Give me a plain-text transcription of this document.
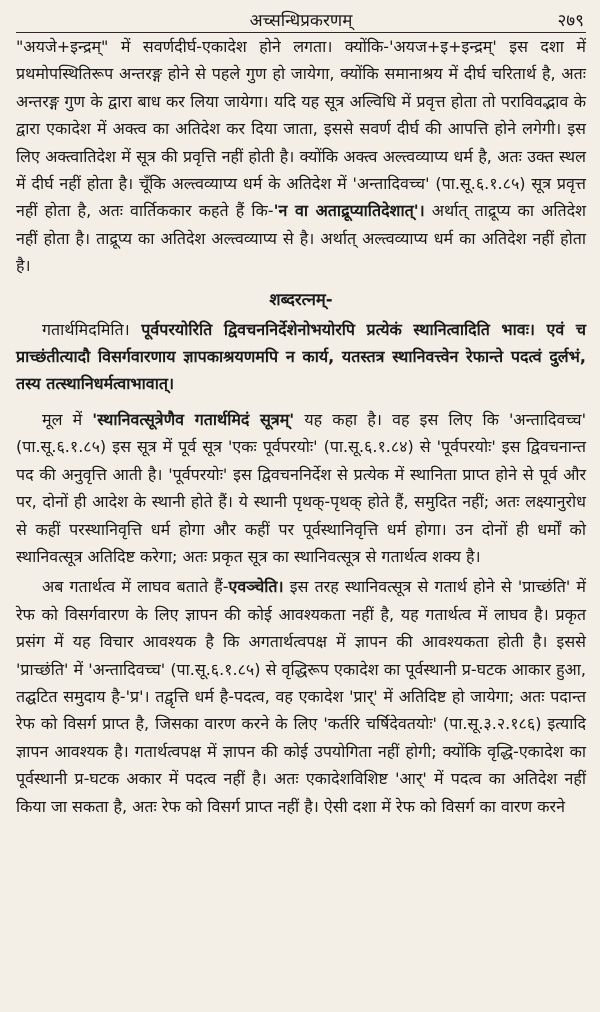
अच्सन्धिप्रकरणम्	२७९

"अयजे+इन्द्रम्" में सवर्णदीर्घ-एकादेश होने लगता। क्योंकि-'अयज+इ+इन्द्रम्' इस दशा में प्रथमोपस्थितिरूप अन्तरङ्ग होने से पहले गुण हो जायेगा, क्योंकि समानाश्रय में दीर्घ चरितार्थ है, अतः अन्तरङ्ग गुण के द्वारा बाध कर लिया जायेगा। यदि यह सूत्र अल्विधि में प्रवृत्त होता तो पराविवद्भाव के द्वारा एकादेश में अक्त्व का अतिदेश कर दिया जाता, इससे सवर्ण दीर्घ की आपत्ति होने लगेगी। इस लिए अक्त्वातिदेश में सूत्र की प्रवृत्ति नहीं होती है। क्योंकि अक्त्व अल्त्वव्याप्य धर्म है, अतः उक्त स्थल में दीर्घ नहीं होता है। चूँकि अल्त्वव्याप्य धर्म के अतिदेश में 'अन्तादिवच्च' (पा.सू.६.१.८५) सूत्र प्रवृत्त नहीं होता है, अतः वार्तिककार कहते हैं कि-'न वा अताद्रूप्यातिदेशात्'। अर्थात् ताद्रूप्य का अतिदेश नहीं होता है। ताद्रूप्य का अतिदेश अल्त्वव्याप्य से है। अर्थात् अल्त्वव्याप्य धर्म का अतिदेश नहीं होता है।

शब्दरत्नम्-

गतार्थमिदमिति। पूर्वपरयोरिति द्विवचननिर्देशेनोभयोरपि प्रत्येकं स्थानित्वादिति भावः। एवं च प्राच्छंतीत्यादौ विसर्गवारणाय ज्ञापकाश्रयणमपि न कार्य, यतस्तत्र स्थानिवत्त्वेन रेफान्ते पदत्वं दुर्लभं, तस्य तत्स्थानिधर्मत्वाभावात्।

मूल में 'स्थानिवत्सूत्रेणैव गतार्थमिदं सूत्रम्' यह कहा है। वह इस लिए कि 'अन्तादिवच्च' (पा.सू.६.१.८५) इस सूत्र में पूर्व सूत्र 'एकः पूर्वपरयोः' (पा.सू.६.१.८४) से 'पूर्वपरयोः' इस द्विवचनान्त पद की अनुवृत्ति आती है। 'पूर्वपरयोः' इस द्विवचननिर्देश से प्रत्येक में स्थानिता प्राप्त होने से पूर्व और पर, दोनों ही आदेश के स्थानी होते हैं। ये स्थानी पृथक्-पृथक् होते हैं, समुदित नहीं; अतः लक्ष्यानुरोध से कहीं परस्थानिवृत्ति धर्म होगा और कहीं पर पूर्वस्थानिवृत्ति धर्म होगा। उन दोनों ही धर्मों को स्थानिवत्सूत्र अतिदिष्ट करेगा; अतः प्रकृत सूत्र का स्थानिवत्सूत्र से गतार्थत्व शक्य है।

अब गतार्थत्व में लाघव बताते हैं-एवञ्चेति। इस तरह स्थानिवत्सूत्र से गतार्थ होने से 'प्राच्छंति' में रेफ को विसर्गवारण के लिए ज्ञापन की कोई आवश्यकता नहीं है, यह गतार्थत्व में लाघव है। प्रकृत प्रसंग में यह विचार आवश्यक है कि अगतार्थत्वपक्ष में ज्ञापन की आवश्यकता होती है। इससे 'प्राच्छंति' में 'अन्तादिवच्च' (पा.सू.६.१.८५) से वृद्धिरूप एकादेश का पूर्वस्थानी प्र-घटक आकार हुआ, तद्घटित समुदाय है-'प्र'। तद्वृत्ति धर्म है-पदत्व, वह एकादेश 'प्रार्' में अतिदिष्ट हो जायेगा; अतः पदान्त रेफ को विसर्ग प्राप्त है, जिसका वारण करने के लिए 'कर्तरि चर्षिदेवतयोः' (पा.सू.३.२.१८६) इत्यादि ज्ञापन आवश्यक है। गतार्थत्वपक्ष में ज्ञापन की कोई उपयोगिता नहीं होगी; क्योंकि वृद्धि-एकादेश का पूर्वस्थानी प्र-घटक अकार में पदत्व नहीं है। अतः एकादेशविशिष्ट 'आर्' में पदत्व का अतिदेश नहीं किया जा सकता है, अतः रेफ को विसर्ग प्राप्त नहीं है। ऐसी दशा में रेफ को विसर्ग का वारण करने
